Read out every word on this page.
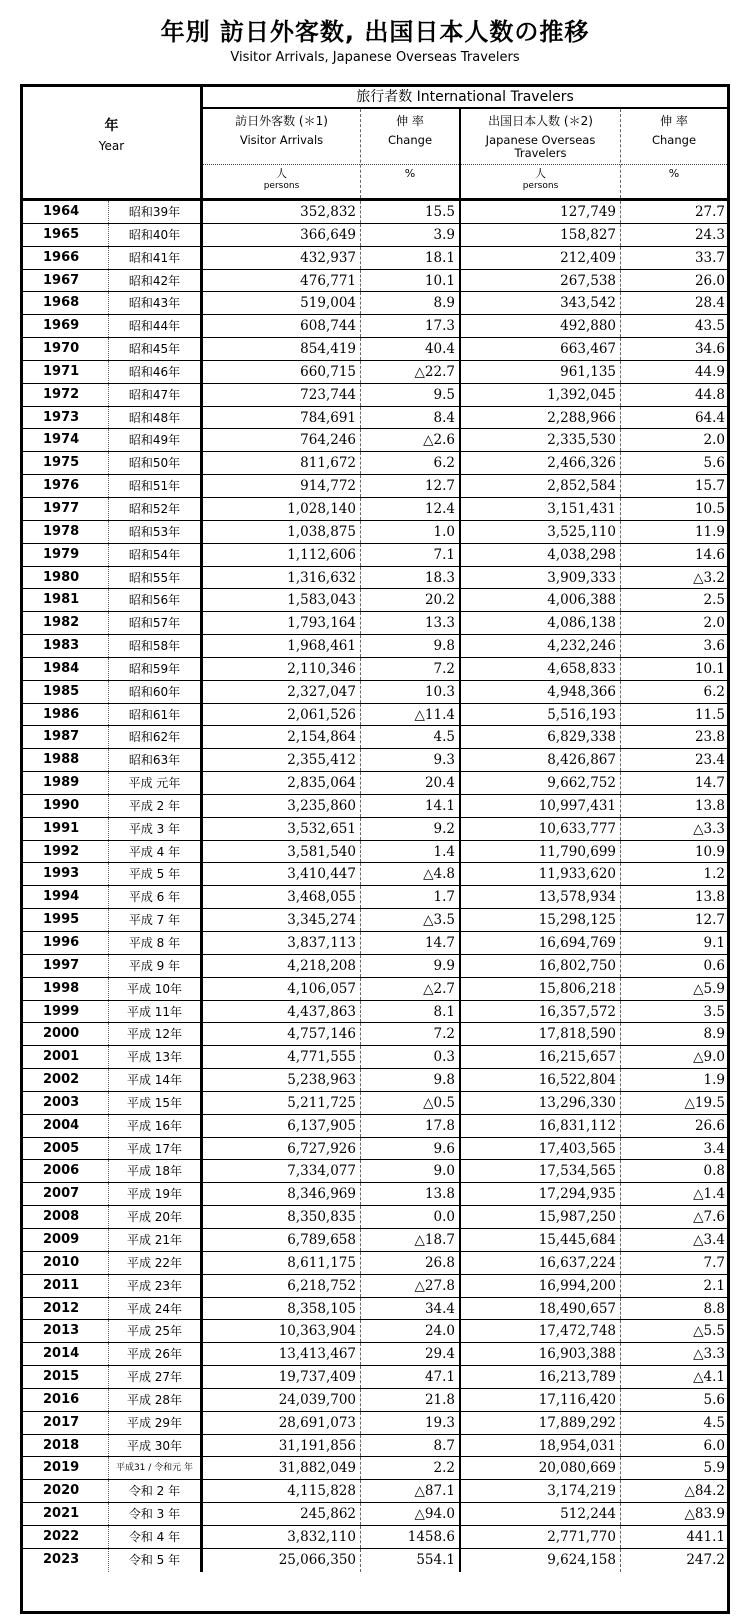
年別 訪日外客数, 出国日本人数の推移
Visitor Arrivals, Japanese Overseas Travelers
年
Year
旅行者数 International Travelers
訪日外客数 (＊1)
Visitor Arrivals
人
persons
伸 率
Change
%
出国日本人数 (＊2)
Japanese Overseas Travelers
人
persons
伸 率
Change
%
1964	昭和39年	352,832	15.5	127,749	27.7
1965	昭和40年	366,649	3.9	158,827	24.3
1966	昭和41年	432,937	18.1	212,409	33.7
1967	昭和42年	476,771	10.1	267,538	26.0
1968	昭和43年	519,004	8.9	343,542	28.4
1969	昭和44年	608,744	17.3	492,880	43.5
1970	昭和45年	854,419	40.4	663,467	34.6
1971	昭和46年	660,715	△22.7	961,135	44.9
1972	昭和47年	723,744	9.5	1,392,045	44.8
1973	昭和48年	784,691	8.4	2,288,966	64.4
1974	昭和49年	764,246	△2.6	2,335,530	2.0
1975	昭和50年	811,672	6.2	2,466,326	5.6
1976	昭和51年	914,772	12.7	2,852,584	15.7
1977	昭和52年	1,028,140	12.4	3,151,431	10.5
1978	昭和53年	1,038,875	1.0	3,525,110	11.9
1979	昭和54年	1,112,606	7.1	4,038,298	14.6
1980	昭和55年	1,316,632	18.3	3,909,333	△3.2
1981	昭和56年	1,583,043	20.2	4,006,388	2.5
1982	昭和57年	1,793,164	13.3	4,086,138	2.0
1983	昭和58年	1,968,461	9.8	4,232,246	3.6
1984	昭和59年	2,110,346	7.2	4,658,833	10.1
1985	昭和60年	2,327,047	10.3	4,948,366	6.2
1986	昭和61年	2,061,526	△11.4	5,516,193	11.5
1987	昭和62年	2,154,864	4.5	6,829,338	23.8
1988	昭和63年	2,355,412	9.3	8,426,867	23.4
1989	平成 元年	2,835,064	20.4	9,662,752	14.7
1990	平成 2 年	3,235,860	14.1	10,997,431	13.8
1991	平成 3 年	3,532,651	9.2	10,633,777	△3.3
1992	平成 4 年	3,581,540	1.4	11,790,699	10.9
1993	平成 5 年	3,410,447	△4.8	11,933,620	1.2
1994	平成 6 年	3,468,055	1.7	13,578,934	13.8
1995	平成 7 年	3,345,274	△3.5	15,298,125	12.7
1996	平成 8 年	3,837,113	14.7	16,694,769	9.1
1997	平成 9 年	4,218,208	9.9	16,802,750	0.6
1998	平成 10年	4,106,057	△2.7	15,806,218	△5.9
1999	平成 11年	4,437,863	8.1	16,357,572	3.5
2000	平成 12年	4,757,146	7.2	17,818,590	8.9
2001	平成 13年	4,771,555	0.3	16,215,657	△9.0
2002	平成 14年	5,238,963	9.8	16,522,804	1.9
2003	平成 15年	5,211,725	△0.5	13,296,330	△19.5
2004	平成 16年	6,137,905	17.8	16,831,112	26.6
2005	平成 17年	6,727,926	9.6	17,403,565	3.4
2006	平成 18年	7,334,077	9.0	17,534,565	0.8
2007	平成 19年	8,346,969	13.8	17,294,935	△1.4
2008	平成 20年	8,350,835	0.0	15,987,250	△7.6
2009	平成 21年	6,789,658	△18.7	15,445,684	△3.4
2010	平成 22年	8,611,175	26.8	16,637,224	7.7
2011	平成 23年	6,218,752	△27.8	16,994,200	2.1
2012	平成 24年	8,358,105	34.4	18,490,657	8.8
2013	平成 25年	10,363,904	24.0	17,472,748	△5.5
2014	平成 26年	13,413,467	29.4	16,903,388	△3.3
2015	平成 27年	19,737,409	47.1	16,213,789	△4.1
2016	平成 28年	24,039,700	21.8	17,116,420	5.6
2017	平成 29年	28,691,073	19.3	17,889,292	4.5
2018	平成 30年	31,191,856	8.7	18,954,031	6.0
2019	平成31 / 令和元 年	31,882,049	2.2	20,080,669	5.9
2020	令和 2 年	4,115,828	△87.1	3,174,219	△84.2
2021	令和 3 年	245,862	△94.0	512,244	△83.9
2022	令和 4 年	3,832,110	1458.6	2,771,770	441.1
2023	令和 5 年	25,066,350	554.1	9,624,158	247.2
